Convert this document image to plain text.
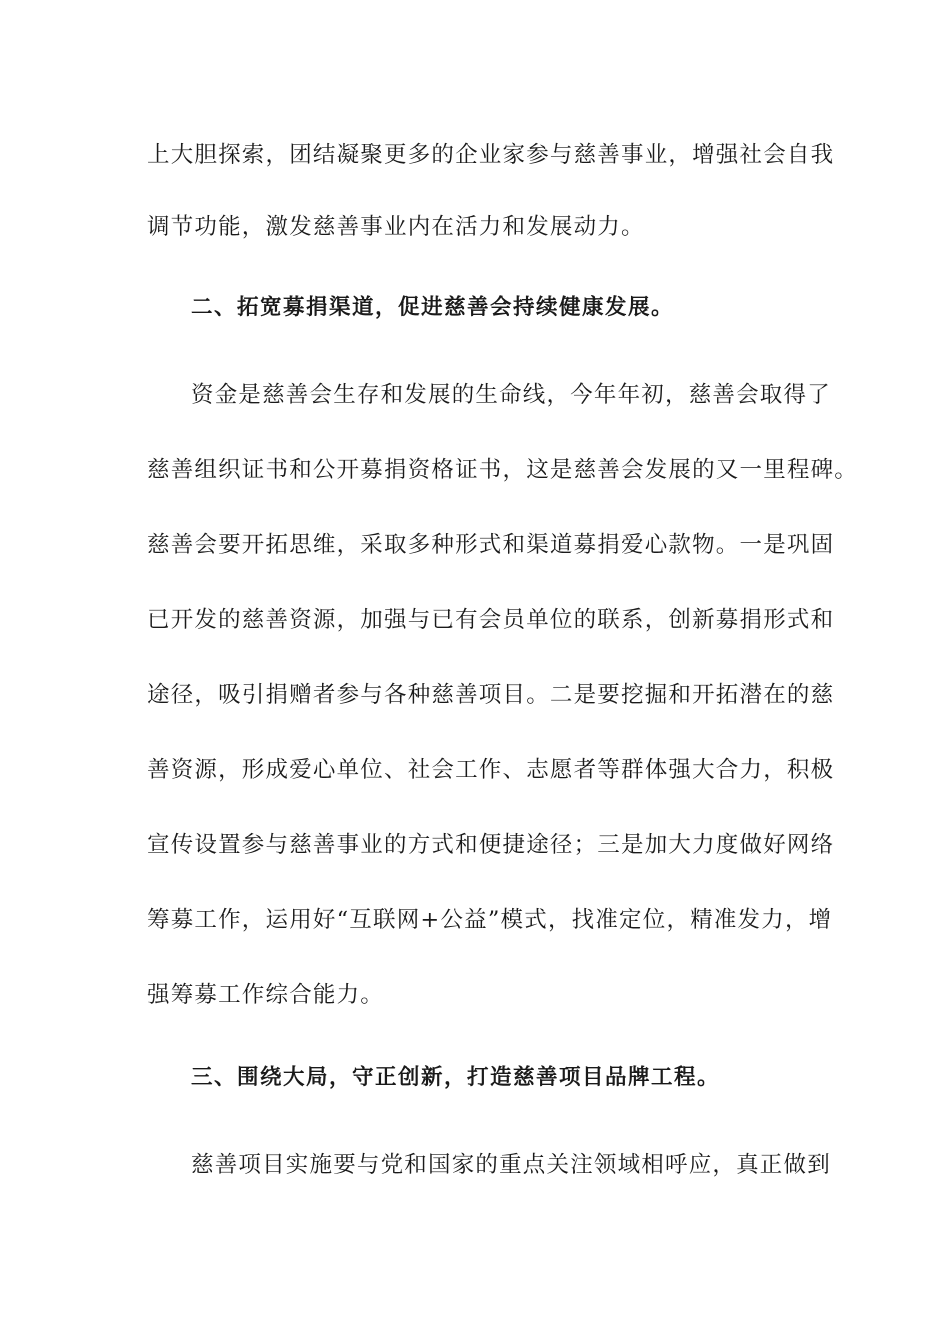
上大胆探索，团结凝聚更多的企业家参与慈善事业，增强社会自我
调节功能，激发慈善事业内在活力和发展动力。
二、拓宽募捐渠道，促进慈善会持续健康发展。
资金是慈善会生存和发展的生命线，今年年初，慈善会取得了
慈善组织证书和公开募捐资格证书，这是慈善会发展的又一里程碑。
慈善会要开拓思维，采取多种形式和渠道募捐爱心款物。一是巩固
已开发的慈善资源，加强与已有会员单位的联系，创新募捐形式和
途径，吸引捐赠者参与各种慈善项目。二是要挖掘和开拓潜在的慈
善资源，形成爱心单位、社会工作、志愿者等群体强大合力，积极
宣传设置参与慈善事业的方式和便捷途径；三是加大力度做好网络
筹募工作，运用好“互联网+公益”模式，找准定位，精准发力，增
强筹募工作综合能力。
三、围绕大局，守正创新，打造慈善项目品牌工程。
慈善项目实施要与党和国家的重点关注领域相呼应，真正做到
